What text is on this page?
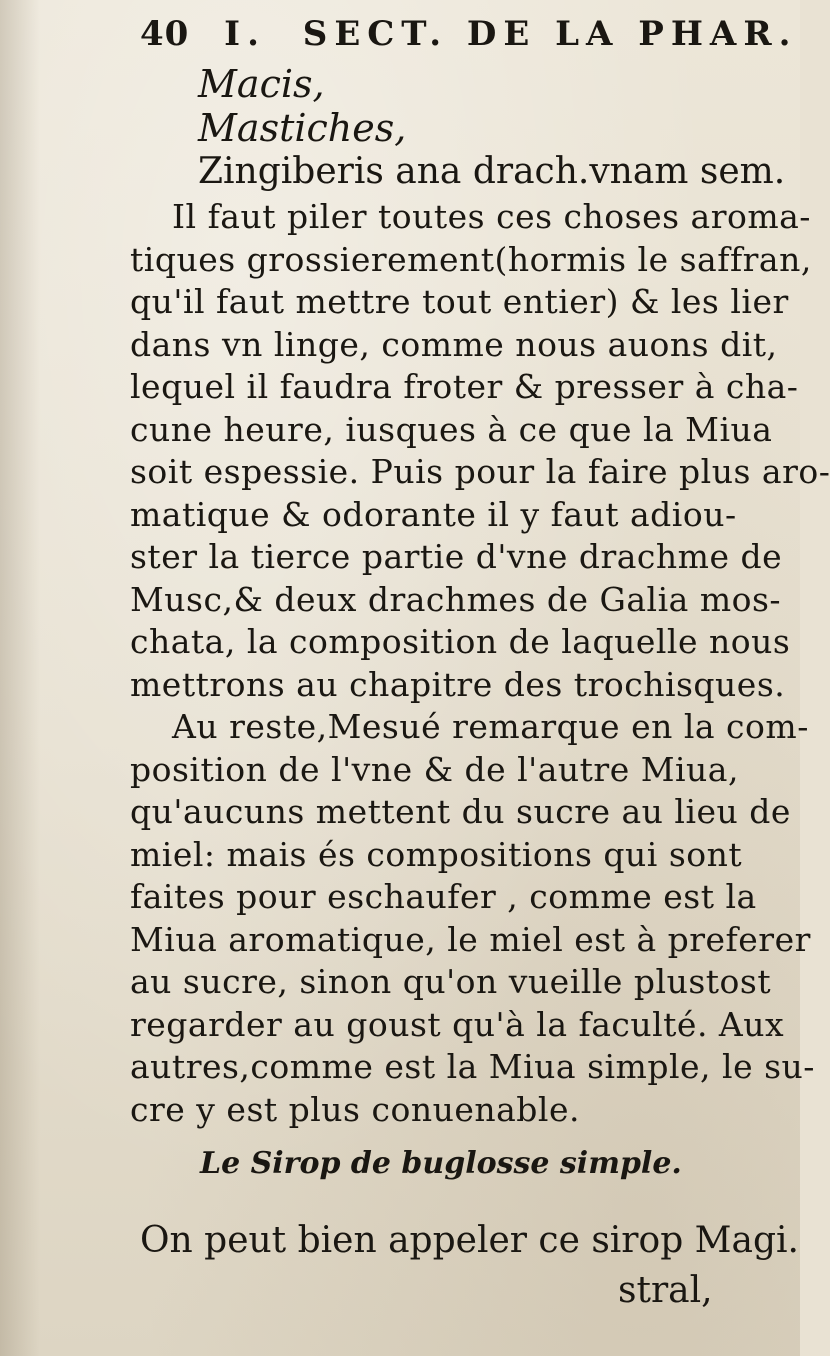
40 I. SECT. DE LA PHAR.
Macis,
Mastiches,
Zingiberis ana drach.vnam sem.
Il faut piler toutes ces choses aroma-
tiques grossierement(hormis le saffran,
qu'il faut mettre tout entier) & les lier
dans vn linge, comme nous auons dit,
lequel il faudra froter & presser à cha-
cune heure, iusques à ce que la Miua
soit espessie. Puis pour la faire plus aro-
matique & odorante il y faut adiou-
ster la tierce partie d'vne drachme de
Musc,& deux drachmes de Galia mos-
chata, la composition de laquelle nous
mettrons au chapitre des trochisques.
Au reste,Mesué remarque en la com-
position de l'vne & de l'autre Miua,
qu'aucuns mettent du sucre au lieu de
miel: mais és compositions qui sont
faites pour eschaufer , comme est la
Miua aromatique, le miel est à preferer
au sucre, sinon qu'on vueille plustost
regarder au goust qu'à la faculté. Aux
autres,comme est la Miua simple, le su-
cre y est plus conuenable.
Le Sirop de buglosse simple.
On peut bien appeler ce sirop Magi.
stral,
